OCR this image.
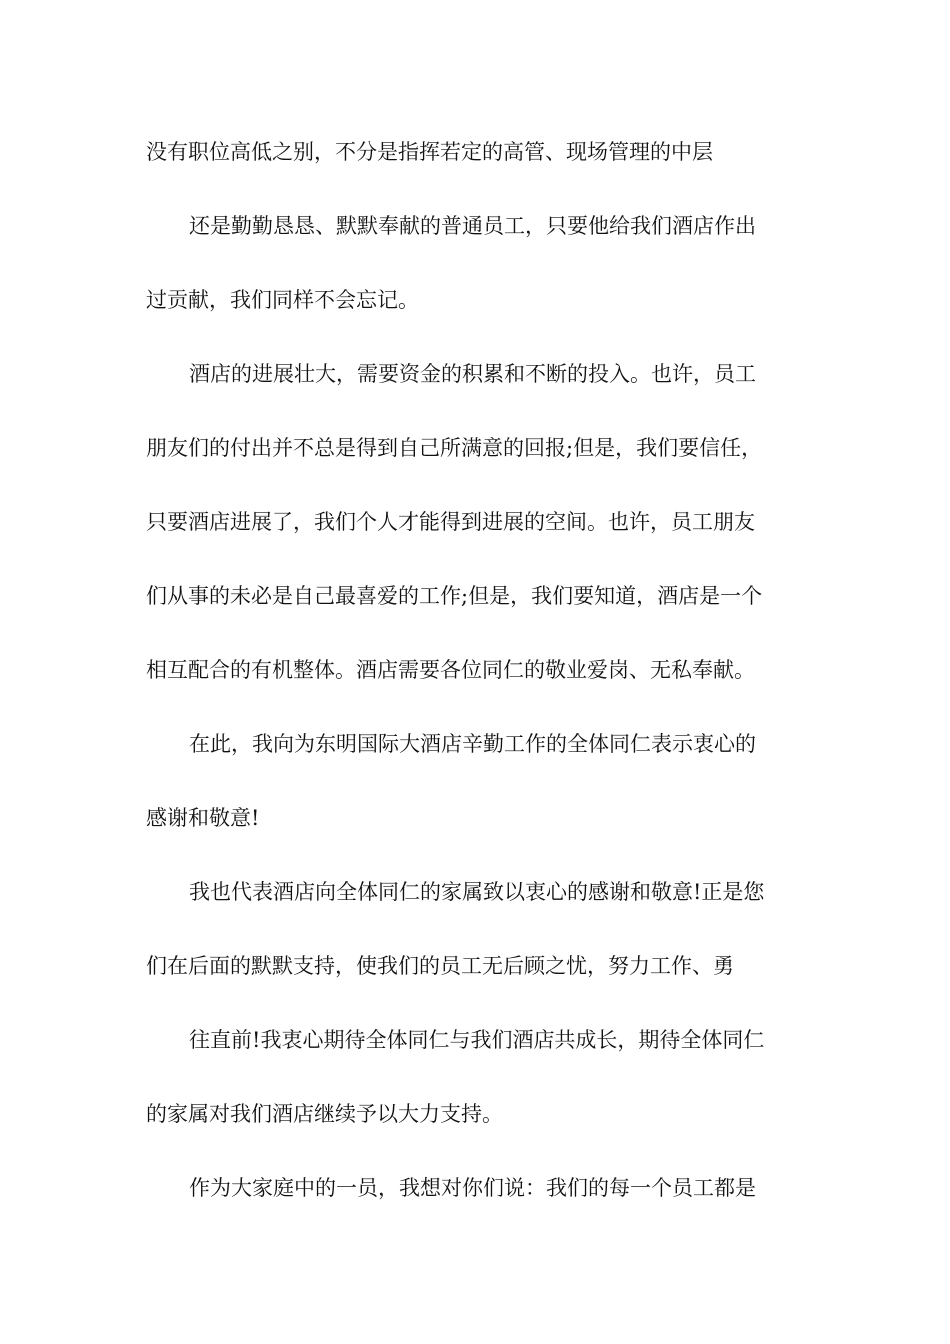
没有职位高低之别，不分是指挥若定的高管、现场管理的中层
还是勤勤恳恳、默默奉献的普通员工，只要他给我们酒店作出
过贡献，我们同样不会忘记。
酒店的进展壮大，需要资金的积累和不断的投入。也许，员工
朋友们的付出并不总是得到自己所满意的回报;但是，我们要信任，
只要酒店进展了，我们个人才能得到进展的空间。也许，员工朋友
们从事的未必是自己最喜爱的工作;但是，我们要知道，酒店是一个
相互配合的有机整体。酒店需要各位同仁的敬业爱岗、无私奉献。
在此，我向为东明国际大酒店辛勤工作的全体同仁表示衷心的
感谢和敬意!
我也代表酒店向全体同仁的家属致以衷心的感谢和敬意!正是您
们在后面的默默支持，使我们的员工无后顾之忧，努力工作、勇
往直前!我衷心期待全体同仁与我们酒店共成长，期待全体同仁
的家属对我们酒店继续予以大力支持。
作为大家庭中的一员，我想对你们说：我们的每一个员工都是
